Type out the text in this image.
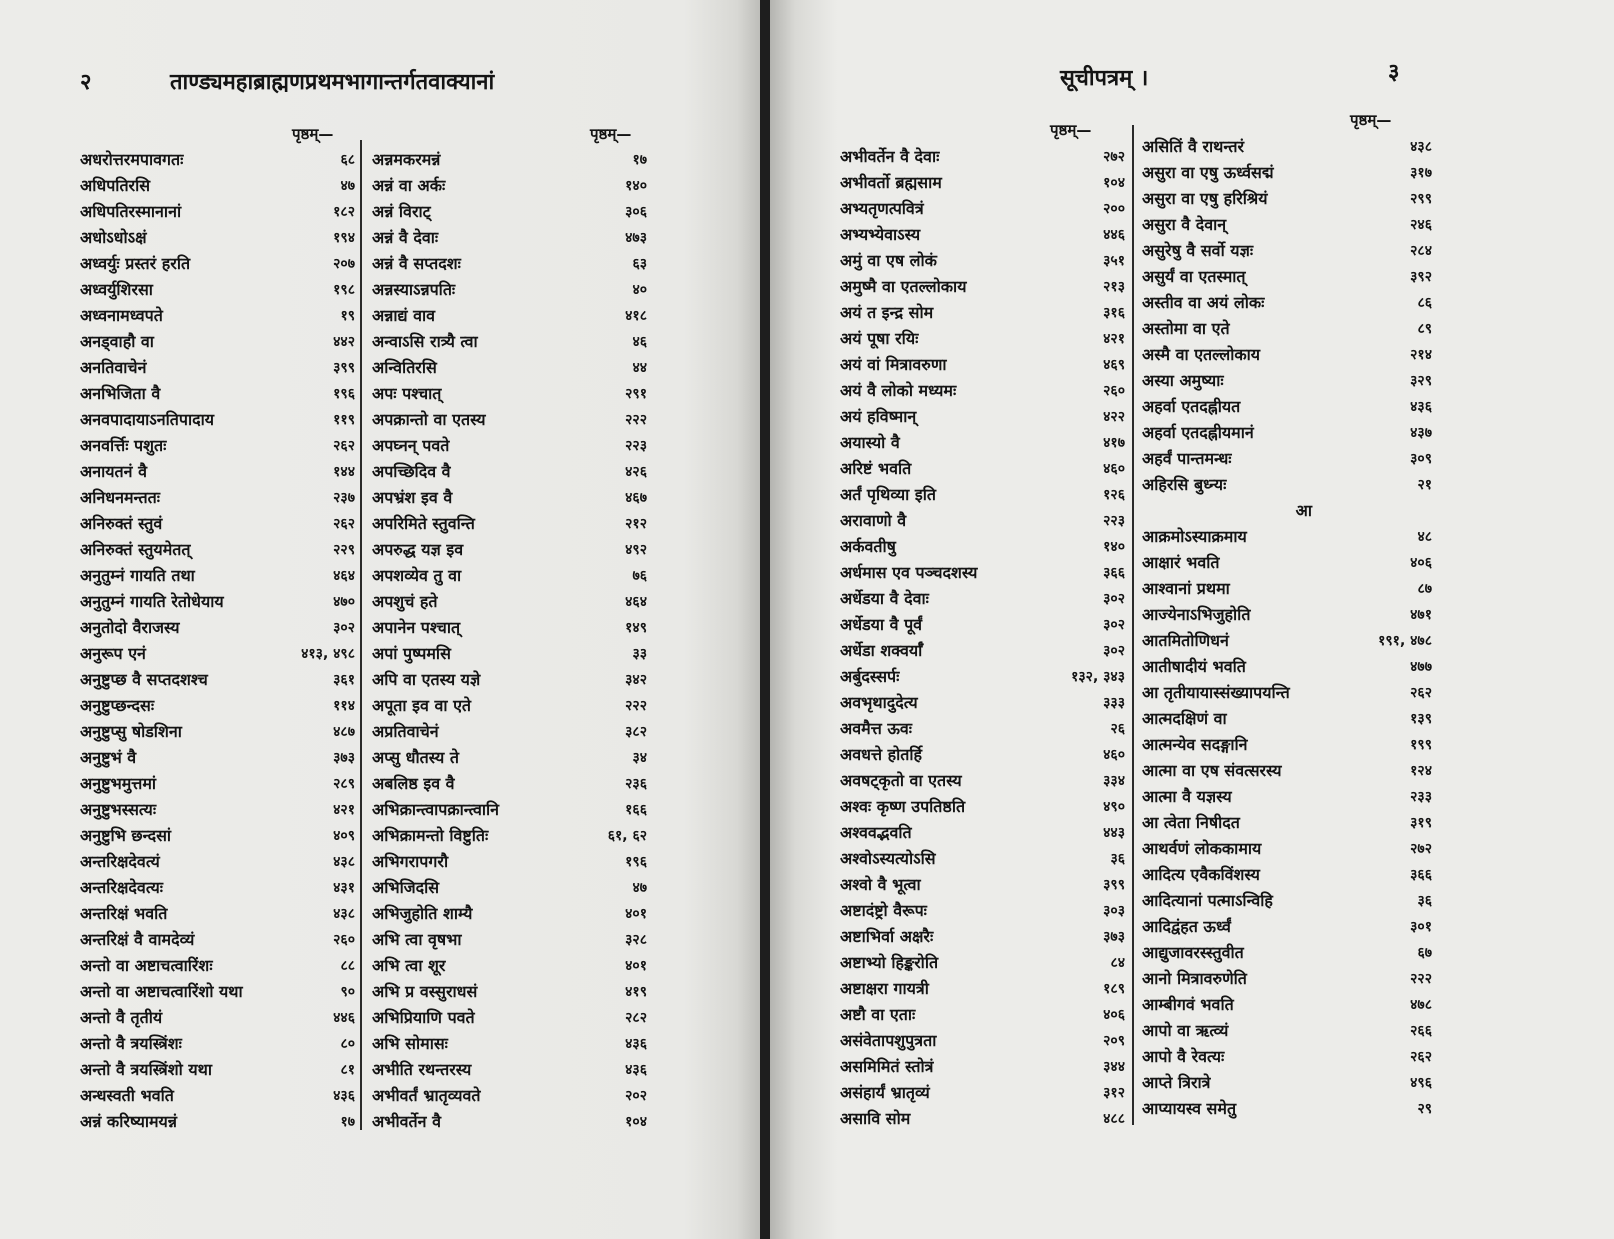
२	ताण्ड्यमहाब्राह्मणप्रथमभागान्तर्गतवाक्यानां
पृष्ठम्—	पृष्ठम्—
अधरोत्तरमपावगतः	६८
अधिपतिरसि	४७
अधिपतिरस्मानानां	१८२
अधोऽधोऽक्षं	१९४
अध्वर्युः प्रस्तरं हरति	२०७
अध्वर्युशिरसा	१९८
अध्वनामध्वपते	१९
अनड्वाहौ वा	४४२
अनतिवाचेनं	३९९
अनभिजिता वै	१९६
अनवपादायाऽनतिपादाय	११९
अनवर्त्तिः पशुतः	२६२
अनायतनं वै	१४४
अनिधनमन्ततः	२३७
अनिरुक्तं स्तुवं	२६२
अनिरुक्तं स्तुयमेतत्	२२९
अनुतुम्नं गायति तथा	४६४
अनुतुम्नं गायति रेतोधेयाय	४७०
अनुतोदो वैराजस्य	३०२
अनुरूप एनं	४१३, ४९८
अनुष्टुप्छ वै सप्तदशश्च	३६१
अनुष्टुप्छन्दसः	११४
अनुष्टुप्सु षोडशिना	४८७
अनुष्टुभं वै	३७३
अनुष्टुभमुत्तमां	२८९
अनुष्टुभस्सत्यः	४२१
अनुष्टुभि छन्दसां	४०९
अन्तरिक्षदेवत्यं	४३८
अन्तरिक्षदेवत्यः	४३१
अन्तरिक्षं भवति	४३८
अन्तरिक्षं वै वामदेव्यं	२६०
अन्तो वा अष्टाचत्वारिंशः	८८
अन्तो वा अष्टाचत्वारिंशो यथा	९०
अन्तो वै तृतीयं	४४६
अन्तो वै त्रयस्त्रिंशः	८०
अन्तो वै त्रयस्त्रिंशो यथा	८१
अन्धस्वती भवति	४३६
अन्नं करिष्यामयन्नं	१७
अन्नमकरमन्नं	१७
अन्नं वा अर्कः	१४०
अन्नं विराट्	३०६
अन्नं वै देवाः	४७३
अन्नं वै सप्तदशः	६३
अन्नस्याऽन्नपतिः	४०
अन्नाद्यं वाव	४१८
अन्वाऽसि रात्र्यै त्वा	४६
अन्वितिरसि	४४
अपः पश्चात्	२९१
अपक्रान्तो वा एतस्य	२२२
अपघ्नन् पवते	२२३
अपच्छिदिव वै	४२६
अपभ्रंश इव वै	४६७
अपरिमिते स्तुवन्ति	२१२
अपरुद्ध यज्ञ इव	४९२
अपशव्येव तु वा	७६
अपशुचं हते	४६४
अपानेन पश्चात्	१४९
अपां पुष्पमसि	३३
अपि वा एतस्य यज्ञे	३४२
अपूता इव वा एते	२२२
अप्रतिवाचेनं	३८२
अप्सु धौतस्य ते	३४
अबलिष्ठ इव वै	२३६
अभिक्रान्त्वापक्रान्त्वानि	१६६
अभिक्रामन्तो विष्टुतिः	६१, ६२
अभिगरापगरौ	१९६
अभिजिदसि	४७
अभिजुहोति शाम्यै	४०१
अभि त्वा वृषभा	३२८
अभि त्वा शूर	४०१
अभि प्र वस्सुराधसं	४१९
अभिप्रियाणि पवते	२८२
अभि सोमासः	४३६
अभीति रथन्तरस्य	४३६
अभीवर्तं भ्रातृव्यवते	२०२
अभीवर्तेन वै	१०४
सूचीपत्रम् ।	३
पृष्ठम्—
पृष्ठम्—
अभीवर्तेन वै देवाः	२७२
अभीवर्तो ब्रह्मसाम	१०४
अभ्यतृणत्पवित्रं	२००
अभ्यभ्येवाऽस्य	४४६
अमुं वा एष लोकं	३५१
अमुष्मै वा एतल्लोकाय	२१३
अयं त इन्द्र सोम	३१६
अयं पूषा रयिः	४२१
अयं वां मित्रावरुणा	४६९
अयं वै लोको मध्यमः	२६०
अयं हविष्मान्	४२२
अयास्यो वै	४१७
अरिष्टं भवति	४६०
अर्तं पृथिव्या इति	१२६
अरावाणो वै	२२३
अर्कवतीषु	१४०
अर्धमास एव पञ्चदशस्य	३६६
अर्धेडया वै देवाः	३०२
अर्धेडया वै पूर्वं	३०२
अर्धेडा शक्वर्याँ	३०२
अर्बुदस्सर्पः	१३२, ३४३
अवभृथादुदेत्य	३३३
अवमैत्त ऊवः	२६
अवधत्ते होतर्हि	४६०
अवषट्कृतो वा एतस्य	३३४
अश्वः कृष्ण उपतिष्ठति	४९०
अश्ववद्भवति	४४३
अश्वोऽस्यत्योऽसि	३६
अश्वो वै भूत्वा	३९९
अष्टादंष्ट्रो वैरूपः	३०३
अष्टाभिर्वा अक्षरैः	३७३
अष्टाभ्यो हिङ्करोति	८४
अष्टाक्षरा गायत्री	१८९
अष्टौ वा एताः	४०६
असंवेतापशुपुत्रता	२०९
असमिमितं स्तोत्रं	३४४
असंहार्यं भ्रातृव्यं	३१२
असावि सोम	४८८
असितिं वै राथन्तरं	४३८
असुरा वा एषु ऊर्ध्वसद्मं	३१७
असुरा वा एषु हरिश्रियं	२९९
असुरा वै देवान्	२४६
असुरेषु वै सर्वो यज्ञः	२८४
असुर्यं वा एतस्मात्	३९२
अस्तीव वा अयं लोकः	८६
अस्तोमा वा एते	८९
अस्मै वा एतल्लोकाय	२१४
अस्या अमुष्याः	३२९
अहर्वा एतदह्नीयत	४३६
अहर्वा एतदह्नीयमानं	४३७
अहर्वं पान्तमन्धः	३०९
अहिरसि बुध्न्यः	२१
आ
आक्रमोऽस्याक्रमाय	४८
आक्षारं भवति	४०६
आश्वानां प्रथमा	८७
आज्येनाऽभिजुहोति	४७१
आतमितोणिधनं	१९१, ४७८
आतीषादीयं भवति	४७७
आ तृतीयायास्संख्यापयन्ति	२६२
आत्मदक्षिणं वा	१३९
आत्मन्येव सदङ्गानि	१९९
आत्मा वा एष संवत्सरस्य	१२४
आत्मा वै यज्ञस्य	२३३
आ त्वेता निषीदत	३१९
आथर्वणं लोककामाय	२७२
आदित्य एवैकविंशस्य	३६६
आदित्यानां पत्माऽन्विहि	३६
आदिद्वंहत ऊर्ध्वं	३०१
आद्युजावरस्स्तुवीत	६७
आनो मित्रावरुणेति	२२२
आम्बीगवं भवति	४७८
आपो वा ऋत्व्यं	२६६
आपो वै रेवत्यः	२६२
आप्ते त्रिरात्रे	४९६
आप्यायस्व समेतु	२९
